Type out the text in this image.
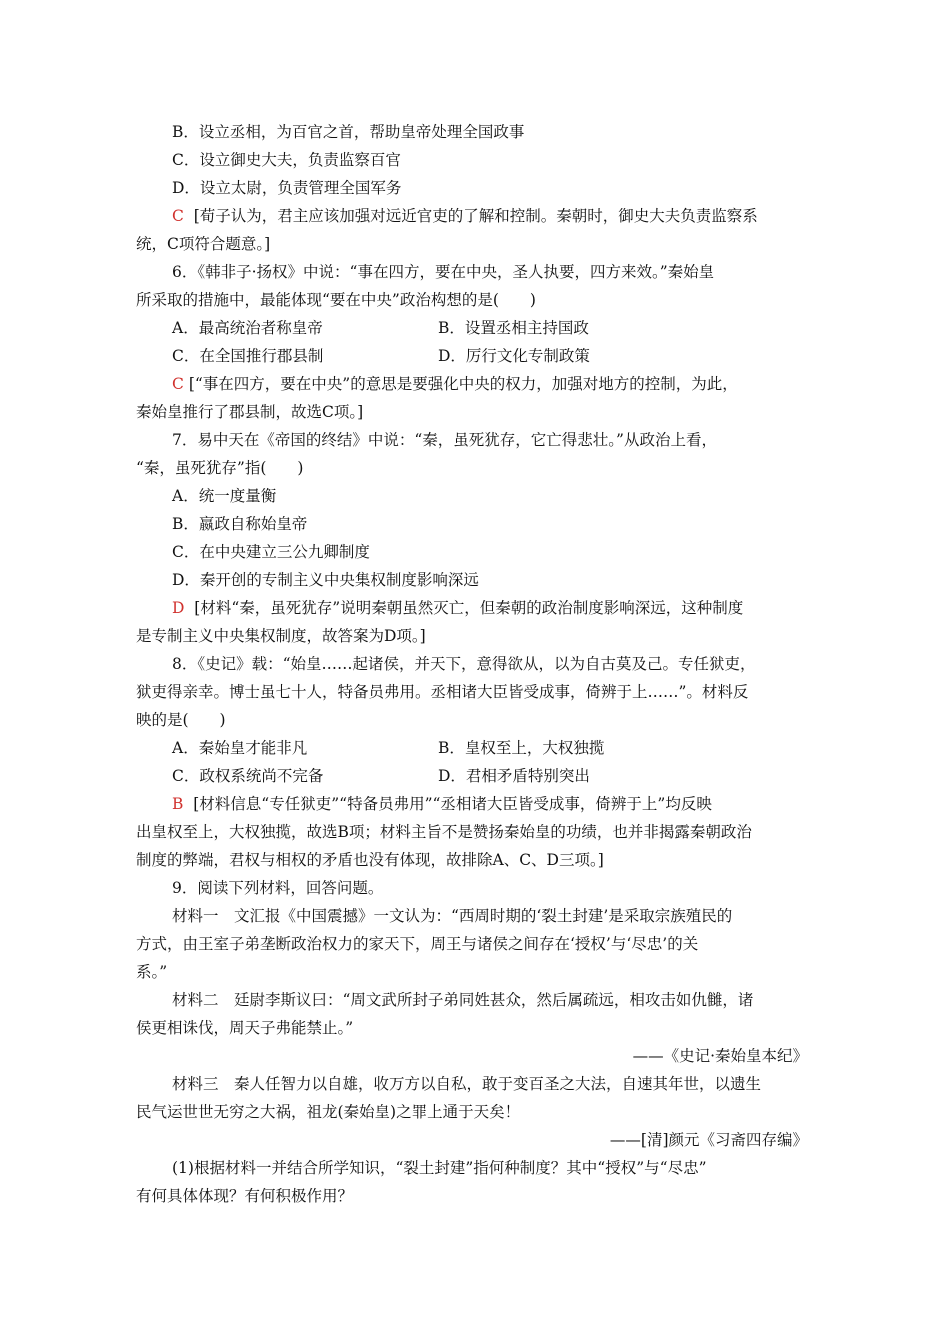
B．设立丞相，为百官之首，帮助皇帝处理全国政事
C．设立御史大夫，负责监察百官
D．设立太尉，负责管理全国军务
C [荀子认为，君主应该加强对远近官吏的了解和控制。秦朝时，御史大夫负责监察系
统，C项符合题意。]
6．《韩非子·扬权》中说：“事在四方，要在中央，圣人执要，四方来效。”秦始皇
所采取的措施中，最能体现“要在中央”政治构想的是(　　)
A．最高统治者称皇帝	B．设置丞相主持国政
C．在全国推行郡县制	D．厉行文化专制政策
C [“事在四方，要在中央”的意思是要强化中央的权力，加强对地方的控制，为此，
秦始皇推行了郡县制，故选C项。]
7．易中天在《帝国的终结》中说：“秦，虽死犹存，它亡得悲壮。”从政治上看，
“秦，虽死犹存”指(　　)
A．统一度量衡
B．嬴政自称始皇帝
C．在中央建立三公九卿制度
D．秦开创的专制主义中央集权制度影响深远
D [材料“秦，虽死犹存”说明秦朝虽然灭亡，但秦朝的政治制度影响深远，这种制度
是专制主义中央集权制度，故答案为D项。]
8．《史记》载：“始皇……起诸侯，并天下，意得欲从，以为自古莫及己。专任狱吏，
狱吏得亲幸。博士虽七十人，特备员弗用。丞相诸大臣皆受成事，倚辨于上……”。材料反
映的是(　　)
A．秦始皇才能非凡	B．皇权至上，大权独揽
C．政权系统尚不完备	D．君相矛盾特别突出
B [材料信息“专任狱吏”“特备员弗用”“丞相诸大臣皆受成事，倚辨于上”均反映
出皇权至上，大权独揽，故选B项；材料主旨不是赞扬秦始皇的功绩，也并非揭露秦朝政治
制度的弊端，君权与相权的矛盾也没有体现，故排除A、C、D三项。]
9．阅读下列材料，回答问题。
材料一　文汇报《中国震撼》一文认为：“西周时期的‘裂土封建’是采取宗族殖民的
方式，由王室子弟垄断政治权力的家天下，周王与诸侯之间存在‘授权’与‘尽忠’的关
系。”
材料二　廷尉李斯议曰：“周文武所封子弟同姓甚众，然后属疏远，相攻击如仇雠，诸
侯更相诛伐，周天子弗能禁止。”
——《史记·秦始皇本纪》
材料三　秦人任智力以自雄，收万方以自私，敢于变百圣之大法，自速其年世，以遗生
民气运世世无穷之大祸，祖龙(秦始皇)之罪上通于天矣！
——[清]颜元《习斋四存编》
(1)根据材料一并结合所学知识，“裂土封建”指何种制度？其中“授权”与“尽忠”
有何具体体现？有何积极作用？
